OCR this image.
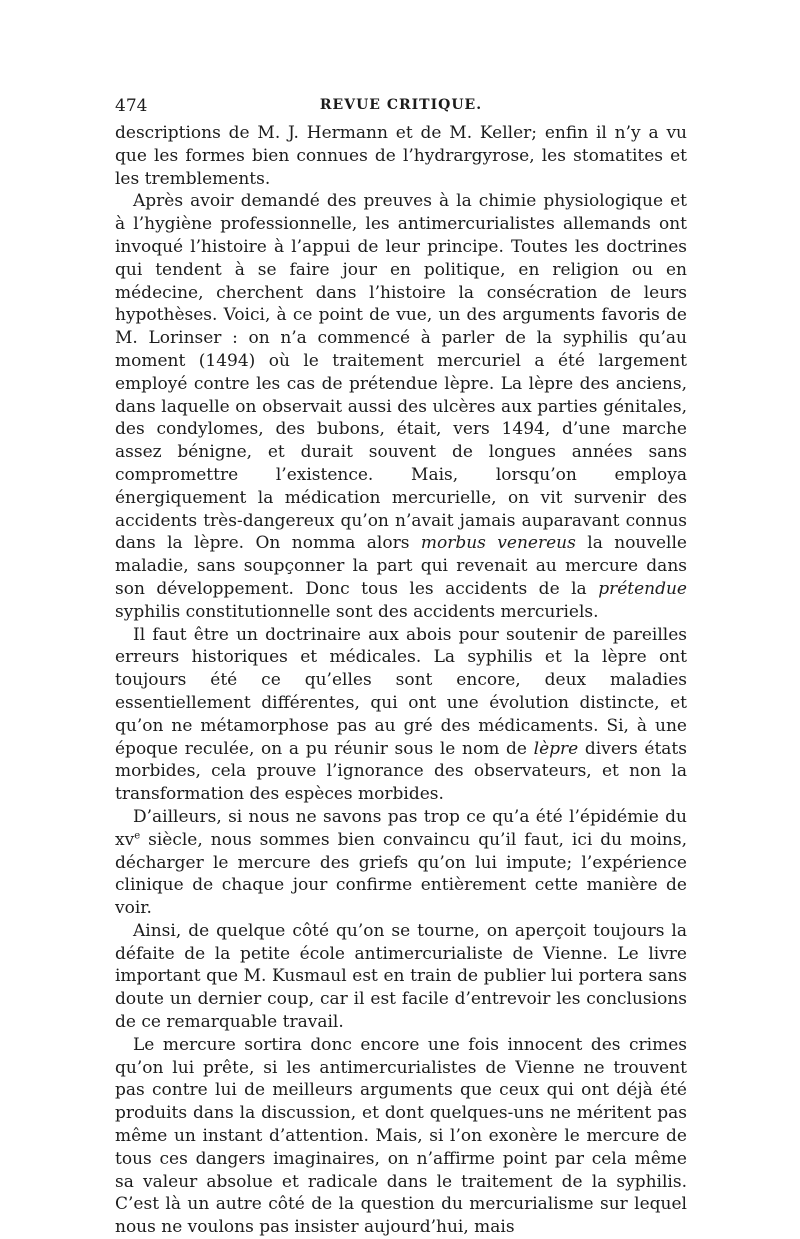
474	REVUE CRITIQUE.

descriptions de M. J. Hermann et de M. Keller; enfin il n’y a vu que les formes bien connues de l’hydrargyrose, les stomatites et les tremblements.

Après avoir demandé des preuves à la chimie physiologique et à l’hygiène professionnelle, les antimercurialistes allemands ont invoqué l’histoire à l’appui de leur principe. Toutes les doctrines qui tendent à se faire jour en politique, en religion ou en médecine, cherchent dans l’histoire la consécration de leurs hypothèses. Voici, à ce point de vue, un des arguments favoris de M. Lorinser : on n’a commencé à parler de la syphilis qu’au moment (1494) où le traitement mercuriel a été largement employé contre les cas de prétendue lèpre. La lèpre des anciens, dans laquelle on observait aussi des ulcères aux parties génitales, des condylomes, des bubons, était, vers 1494, d’une marche assez bénigne, et durait souvent de longues années sans compromettre l’existence. Mais, lorsqu’on employa énergiquement la médication mercurielle, on vit survenir des accidents très-dangereux qu’on n’avait jamais auparavant connus dans la lèpre. On nomma alors morbus venereus la nouvelle maladie, sans soupçonner la part qui revenait au mercure dans son développement. Donc tous les accidents de la prétendue syphilis constitutionnelle sont des accidents mercuriels.

Il faut être un doctrinaire aux abois pour soutenir de pareilles erreurs historiques et médicales. La syphilis et la lèpre ont toujours été ce qu’elles sont encore, deux maladies essentiellement différentes, qui ont une évolution distincte, et qu’on ne métamorphose pas au gré des médicaments. Si, à une époque reculée, on a pu réunir sous le nom de lèpre divers états morbides, cela prouve l’ignorance des observateurs, et non la transformation des espèces morbides.

D’ailleurs, si nous ne savons pas trop ce qu’a été l’épidémie du $xv^e$ siècle, nous sommes bien convaincu qu’il faut, ici du moins, décharger le mercure des griefs qu’on lui impute; l’expérience clinique de chaque jour confirme entièrement cette manière de voir.

Ainsi, de quelque côté qu’on se tourne, on aperçoit toujours la défaite de la petite école antimercurialiste de Vienne. Le livre important que M. Kusmaul est en train de publier lui portera sans doute un dernier coup, car il est facile d’entrevoir les conclusions de ce remarquable travail.

Le mercure sortira donc encore une fois innocent des crimes qu’on lui prête, si les antimercurialistes de Vienne ne trouvent pas contre lui de meilleurs arguments que ceux qui ont déjà été produits dans la discussion, et dont quelques-uns ne méritent pas même un instant d’attention. Mais, si l’on exonère le mercure de tous ces dangers imaginaires, on n’affirme point par cela même sa valeur absolue et radicale dans le traitement de la syphilis. C’est là un autre côté de la question du mercurialisme sur lequel nous ne voulons pas insister aujourd’hui, mais
